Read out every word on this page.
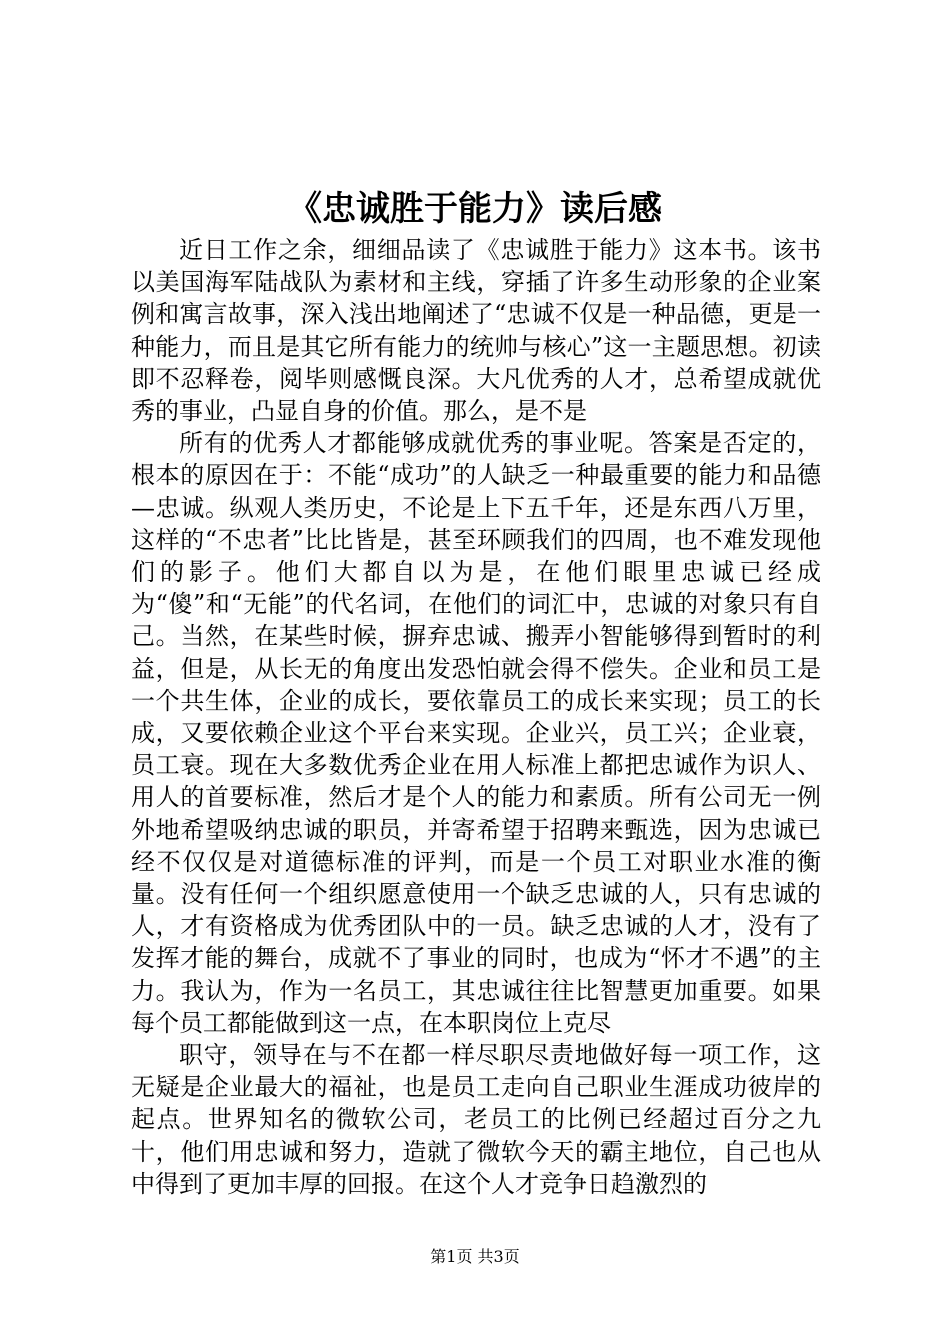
《忠诚胜于能力》读后感

近日工作之余，细细品读了《忠诚胜于能力》这本书。该书以美国海军陆战队为素材和主线，穿插了许多生动形象的企业案例和寓言故事，深入浅出地阐述了“忠诚不仅是一种品德，更是一种能力，而且是其它所有能力的统帅与核心”这一主题思想。初读即不忍释卷，阅毕则感慨良深。大凡优秀的人才，总希望成就优秀的事业，凸显自身的价值。那么，是不是

所有的优秀人才都能够成就优秀的事业呢。答案是否定的，根本的原因在于：不能“成功”的人缺乏一种最重要的能力和品德—忠诚。纵观人类历史，不论是上下五千年，还是东西八万里，这样的“不忠者”比比皆是，甚至环顾我们的四周，也不难发现他们的影子。他们大都自以为是，在他们眼里忠诚已经成为“傻”和“无能”的代名词，在他们的词汇中，忠诚的对象只有自己。当然，在某些时候，摒弃忠诚、搬弄小智能够得到暂时的利益，但是，从长无的角度出发恐怕就会得不偿失。企业和员工是一个共生体，企业的成长，要依靠员工的成长来实现；员工的长成，又要依赖企业这个平台来实现。企业兴，员工兴；企业衰，员工衰。现在大多数优秀企业在用人标准上都把忠诚作为识人、用人的首要标准，然后才是个人的能力和素质。所有公司无一例外地希望吸纳忠诚的职员，并寄希望于招聘来甄选，因为忠诚已经不仅仅是对道德标准的评判，而是一个员工对职业水准的衡量。没有任何一个组织愿意使用一个缺乏忠诚的人，只有忠诚的人，才有资格成为优秀团队中的一员。缺乏忠诚的人才，没有了发挥才能的舞台，成就不了事业的同时，也成为“怀才不遇”的主力。我认为，作为一名员工，其忠诚往往比智慧更加重要。如果每个员工都能做到这一点，在本职岗位上克尽

职守，领导在与不在都一样尽职尽责地做好每一项工作，这无疑是企业最大的福祉，也是员工走向自己职业生涯成功彼岸的起点。世界知名的微软公司，老员工的比例已经超过百分之九十，他们用忠诚和努力，造就了微软今天的霸主地位，自己也从中得到了更加丰厚的回报。在这个人才竞争日趋激烈的

第1页 共3页
